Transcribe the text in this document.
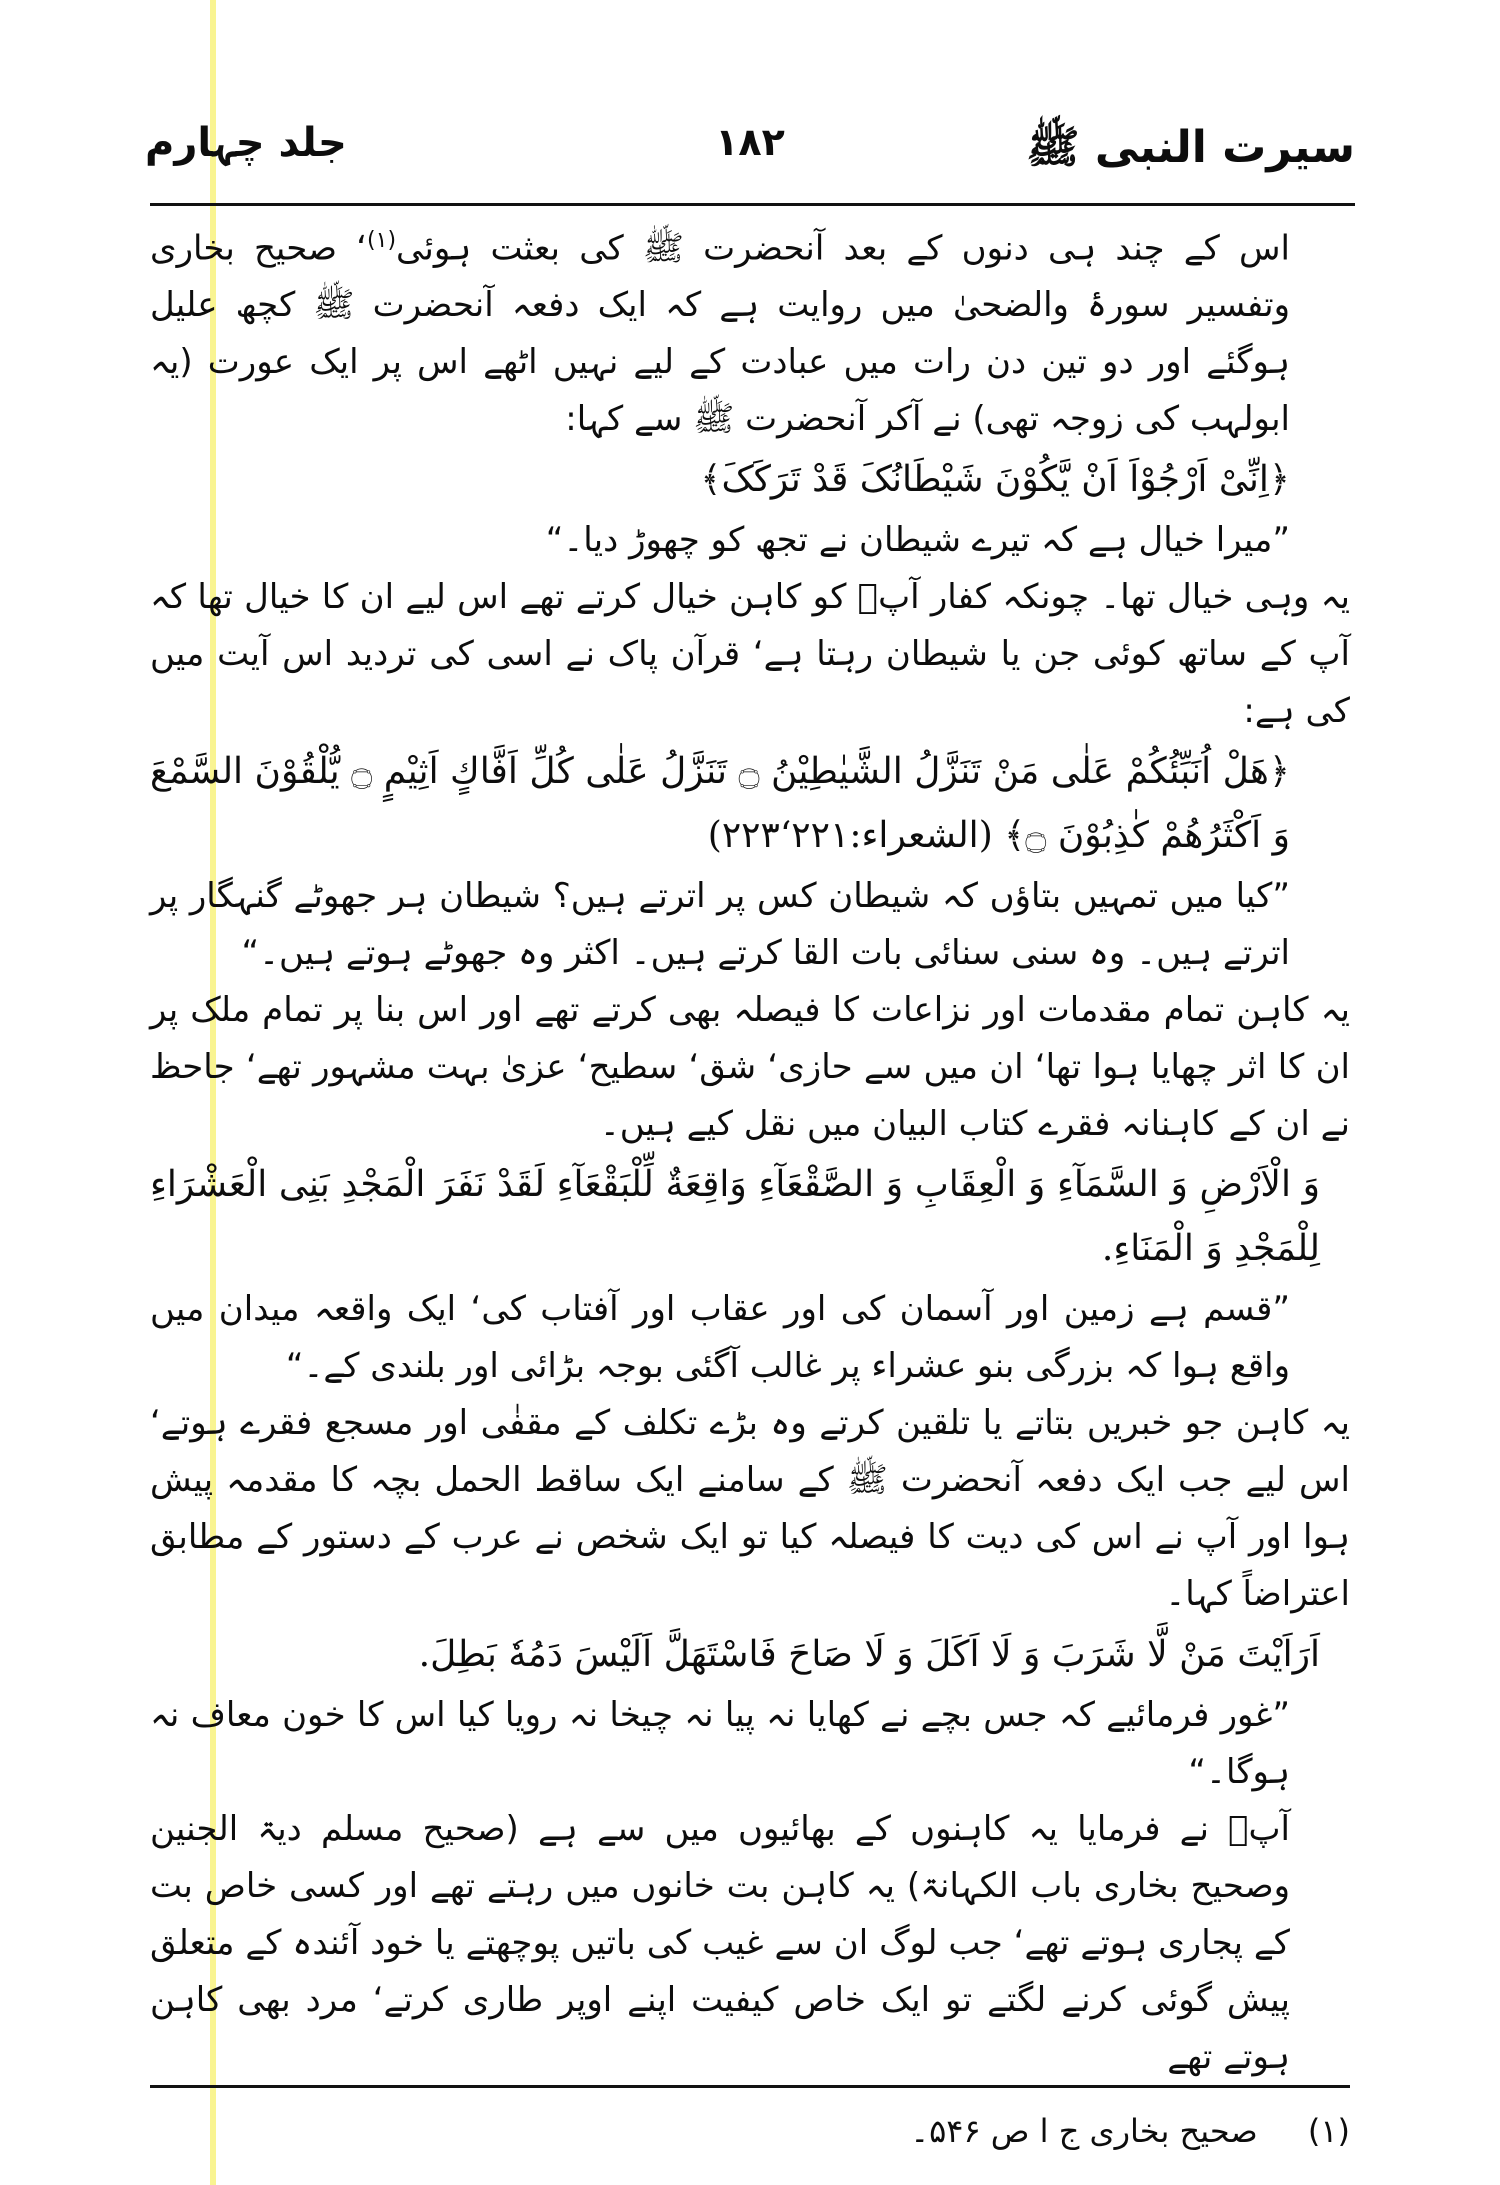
سیرت النبی ﷺ
۱۸۲
جلد چہارم

اس کے چند ہی دنوں کے بعد آنحضرت ﷺ کی بعثت ہوئی$^{(۱)}$‘ صحیح بخاری وتفسیر سورۂ والضحیٰ میں روایت ہے کہ ایک دفعہ آنحضرت ﷺ کچھ علیل ہوگئے اور دو تین دن رات میں عبادت کے لیے نہیں اٹھے اس پر ایک عورت (یہ ابولہب کی زوجہ تھی) نے آکر آنحضرت ﷺ سے کہا:

﴿اِنِّیْ اَرْجُوْاَ اَنْ یَّکُوْنَ شَیْطَانُکَ قَدْ تَرَکَکَ﴾

”میرا خیال ہے کہ تیرے شیطان نے تجھ کو چھوڑ دیا۔“

یہ وہی خیال تھا۔ چونکہ کفار آپؐ کو کاہن خیال کرتے تھے اس لیے ان کا خیال تھا کہ آپ کے ساتھ کوئی جن یا شیطان رہتا ہے‘ قرآن پاک نے اسی کی تردید اس آیت میں کی ہے:

﴿هَلْ اُنَبِّئُكُمْ عَلٰى مَنْ تَنَزَّلُ الشَّيٰطِيْنُ ۝ تَنَزَّلُ عَلٰى كُلِّ اَفَّاكٍ اَثِيْمٍ ۝ يُّلْقُوْنَ السَّمْعَ وَ اَكْثَرُهُمْ كٰذِبُوْنَ ۝﴾ (الشعراء:۲۲۱‘۲۲۳)

”کیا میں تمہیں بتاؤں کہ شیطان کس پر اترتے ہیں؟ شیطان ہر جھوٹے گنہگار پر اترتے ہیں۔ وہ سنی سنائی بات القا کرتے ہیں۔ اکثر وہ جھوٹے ہوتے ہیں۔“

یہ کاہن تمام مقدمات اور نزاعات کا فیصلہ بھی کرتے تھے اور اس بنا پر تمام ملک پر ان کا اثر چھایا ہوا تھا‘ ان میں سے حازی‘ شق‘ سطیح‘ عزیٰ بہت مشہور تھے‘ جاحظ نے ان کے کاہنانہ فقرے کتاب البیان میں نقل کیے ہیں۔

وَ الْاَرْضِ وَ السَّمَآءِ وَ الْعِقَابِ وَ الصَّقْعَآءِ وَاقِعَةٌ لِّلْبَقْعَآءِ لَقَدْ نَفَرَ الْمَجْدِ بَنِی الْعَشْرَاءِ لِلْمَجْدِ وَ الْمَنَاءِ.

”قسم ہے زمین اور آسمان کی اور عقاب اور آفتاب کی‘ ایک واقعہ میدان میں واقع ہوا کہ بزرگی بنو عشراء پر غالب آگئی بوجہ بڑائی اور بلندی کے۔“

یہ کاہن جو خبریں بتاتے یا تلقین کرتے وہ بڑے تکلف کے مقفٰی اور مسجع فقرے ہوتے‘ اس لیے جب ایک دفعہ آنحضرت ﷺ کے سامنے ایک ساقط الحمل بچہ کا مقدمہ پیش ہوا اور آپ نے اس کی دیت کا فیصلہ کیا تو ایک شخص نے عرب کے دستور کے مطابق اعتراضاً کہا۔

اَرَاَيْتَ مَنْ لَّا شَرَبَ وَ لَا اَكَلَ وَ لَا صَاحَ فَاسْتَهَلَّ اَلَيْسَ دَمُهٗ بَطِلَ.

”غور فرمائیے کہ جس بچے نے کھایا نہ پیا نہ چیخا نہ رویا کیا اس کا خون معاف نہ ہوگا۔“

آپؐ نے فرمایا یہ کاہنوں کے بھائیوں میں سے ہے (صحیح مسلم دیۃ الجنین وصحیح بخاری باب الکہانۃ) یہ کاہن بت خانوں میں رہتے تھے اور کسی خاص بت کے پجاری ہوتے تھے‘ جب لوگ ان سے غیب کی باتیں پوچھتے یا خود آئندہ کے متعلق پیش گوئی کرنے لگتے تو ایک خاص کیفیت اپنے اوپر طاری کرتے‘ مرد بھی کاہن ہوتے تھے

(۱) صحیح بخاری ج ا ص ۵۴۶۔
